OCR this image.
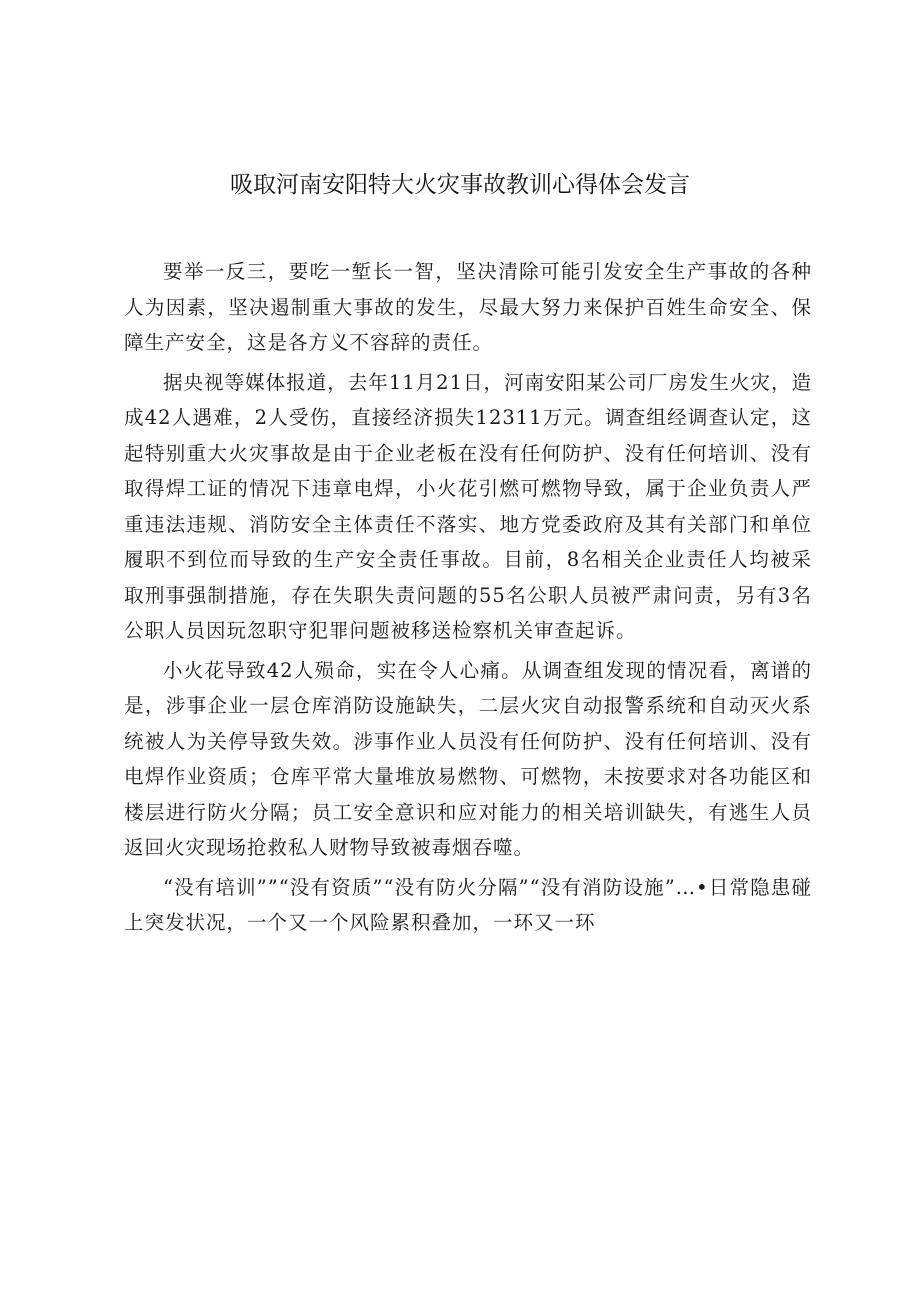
吸取河南安阳特大火灾事故教训心得体会发言

要举一反三，要吃一堑长一智，坚决清除可能引发安全生产事故的各种人为因素，坚决遏制重大事故的发生，尽最大努力来保护百姓生命安全、保障生产安全，这是各方义不容辞的责任。

据央视等媒体报道，去年11月21日，河南安阳某公司厂房发生火灾，造成42人遇难，2人受伤，直接经济损失12311万元。调查组经调查认定，这起特别重大火灾事故是由于企业老板在没有任何防护、没有任何培训、没有取得焊工证的情况下违章电焊，小火花引燃可燃物导致，属于企业负责人严重违法违规、消防安全主体责任不落实、地方党委政府及其有关部门和单位履职不到位而导致的生产安全责任事故。目前，8名相关企业责任人均被采取刑事强制措施，存在失职失责问题的55名公职人员被严肃问责，另有3名公职人员因玩忽职守犯罪问题被移送检察机关审查起诉。

小火花导致42人殒命，实在令人心痛。从调查组发现的情况看，离谱的是，涉事企业一层仓库消防设施缺失，二层火灾自动报警系统和自动灭火系统被人为关停导致失效。涉事作业人员没有任何防护、没有任何培训、没有电焊作业资质；仓库平常大量堆放易燃物、可燃物，未按要求对各功能区和楼层进行防火分隔；员工安全意识和应对能力的相关培训缺失，有逃生人员返回火灾现场抢救私人财物导致被毒烟吞噬。

“没有培训””“没有资质”“没有防火分隔”“没有消防设施”…•日常隐患碰上突发状况，一个又一个风险累积叠加，一环又一环
